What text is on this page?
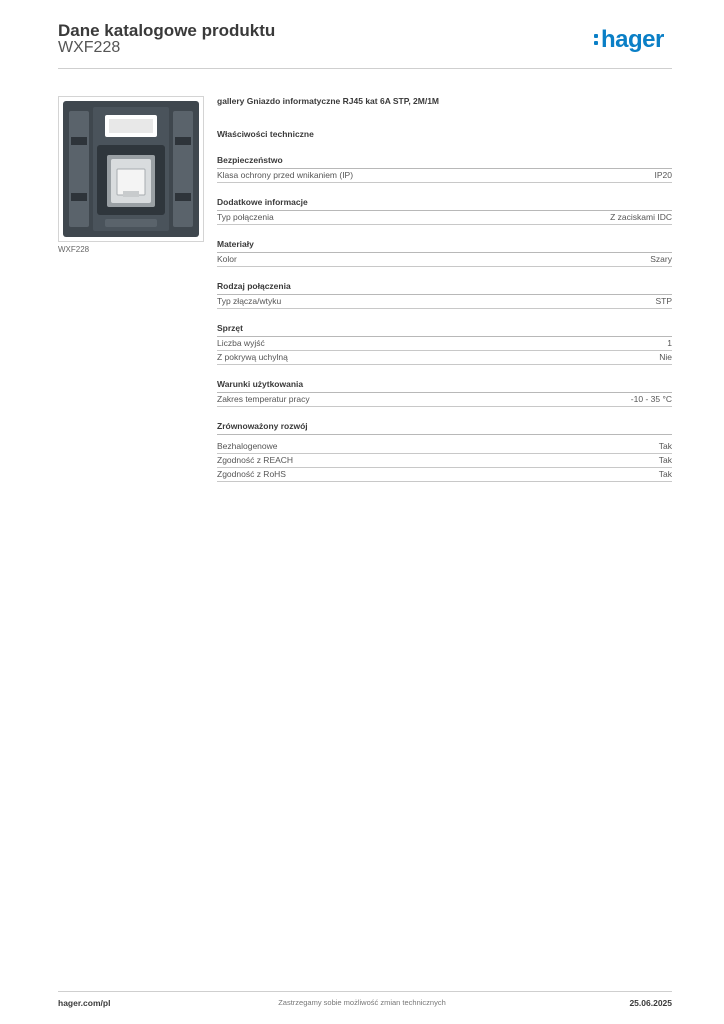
Dane katalogowe produktu
WXF228	hager
WXF228
gallery Gniazdo informatyczne RJ45 kat 6A STP, 2M/1M
Właściwości techniczne
Bezpieczeństwo
Klasa ochrony przed wnikaniem (IP)	IP20
Dodatkowe informacje
Typ połączenia	Z zaciskami IDC
Materiały
Kolor	Szary
Rodzaj połączenia
Typ złącza/wtyku	STP
Sprzęt
Liczba wyjść	1
Z pokrywą uchylną	Nie
Warunki użytkowania
Zakres temperatur pracy	-10 - 35 °C
Zrównoważony rozwój
Bezhalogenowe	Tak
Zgodność z REACH	Tak
Zgodność z RoHS	Tak
hager.com/pl	Zastrzegamy sobie możliwość zmian technicznych	25.06.2025
